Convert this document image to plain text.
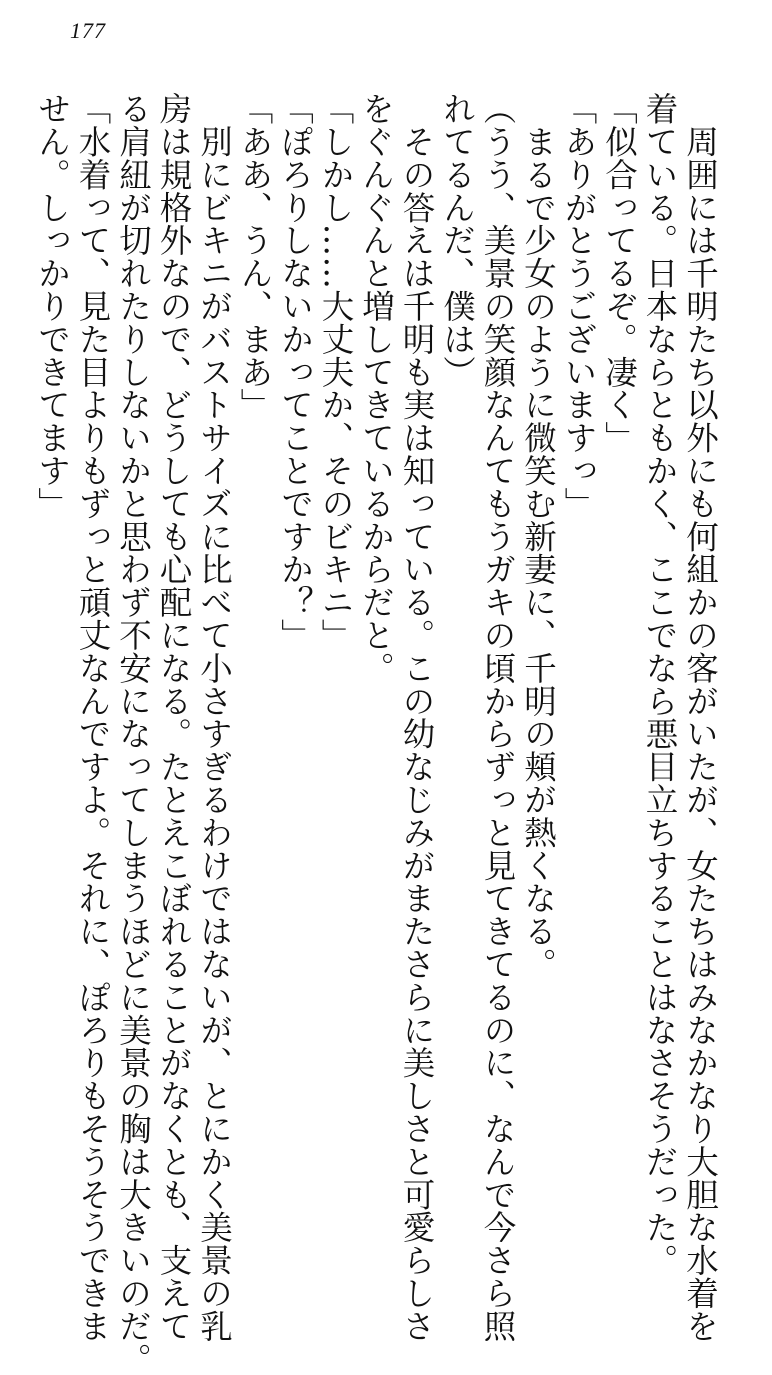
177
　周囲には千明たち以外にも何組かの客がいたが、女たちはみなかなり大胆な水着を
着ている。日本ならともかく、ここでなら悪目立ちすることはなさそうだった。
「似合ってるぞ。凄く」
「ありがとうございますっ」
　まるで少女のように微笑む新妻に、千明の頬が熱くなる。
（うう、美景の笑顔なんてもうガキの頃からずっと見てきてるのに、なんで今さら照
れてるんだ、僕は）
　その答えは千明も実は知っている。この幼なじみがまたさらに美しさと可愛らしさ
をぐんぐんと増してきているからだと。
「しかし……大丈夫か、そのビキニ」
「ぽろりしないかってことですか？」
「ああ、うん、まあ」
　別にビキニがバストサイズに比べて小さすぎるわけではないが、とにかく美景の乳
房は規格外なので、どうしても心配になる。たとえこぼれることがなくとも、支えて
る肩紐が切れたりしないかと思わず不安になってしまうほどに美景の胸は大きいのだ。
「水着って、見た目よりもずっと頑丈なんですよ。それに、ぽろりもそうそうできま
せん。しっかりできてます」
